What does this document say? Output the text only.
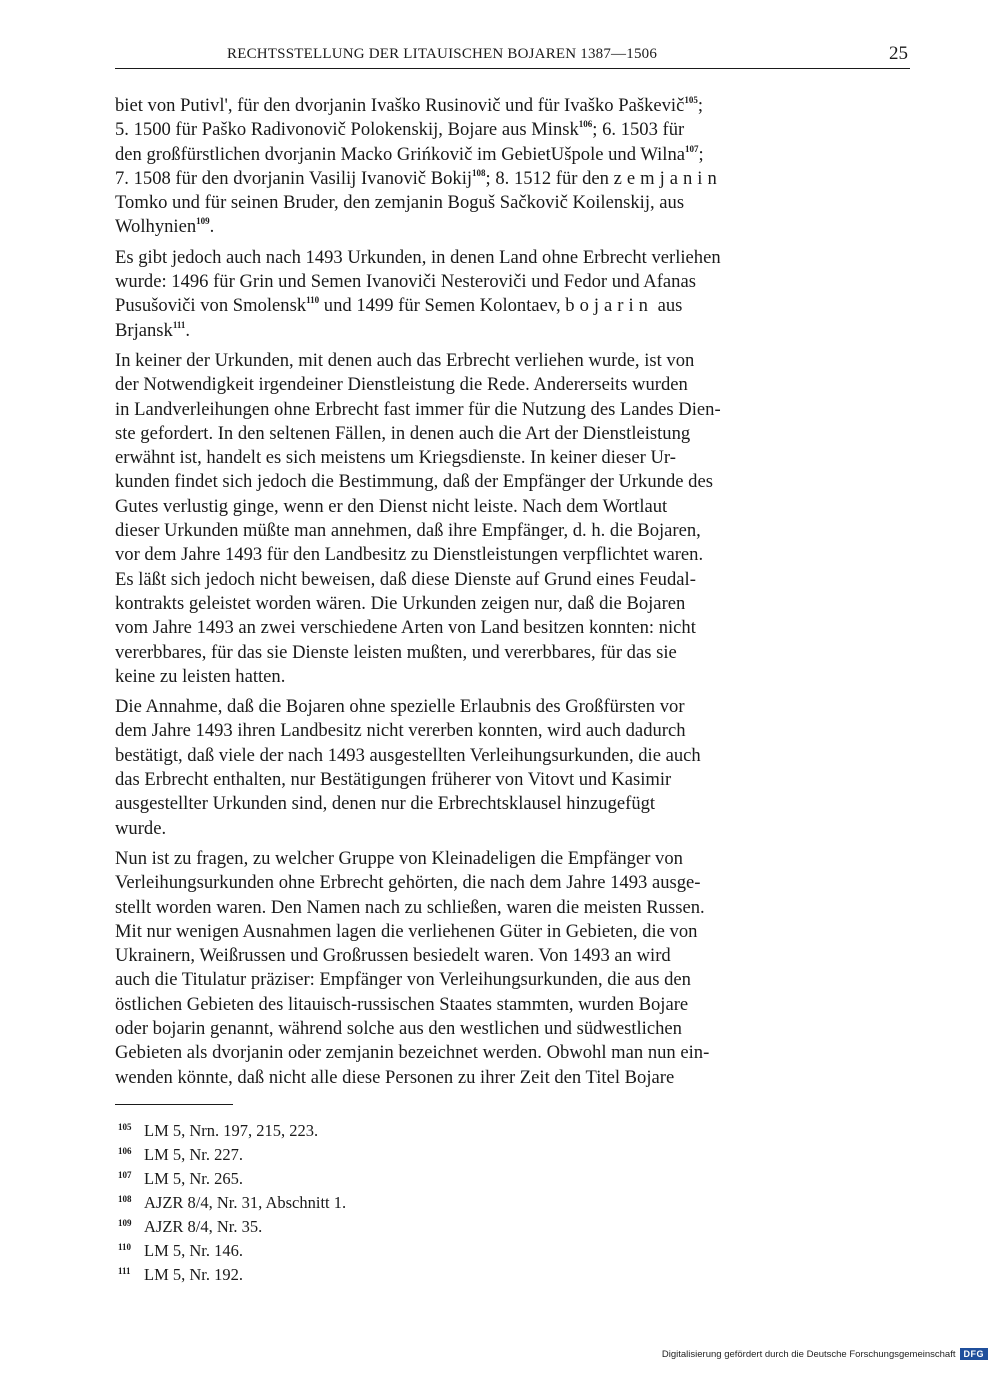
RECHTSSTELLUNG DER LITAUISCHEN BOJAREN 1387—1506	25

biet von Putivl', für den dvorjanin Ivaško Rusinovič und für Ivaško Paškevič$^{105}$;
5. 1500 für Paško Radivonovič Polokenskij, Bojare aus Minsk$^{106}$; 6. 1503 für
den großfürstlichen dvorjanin Macko Grińkovič im GebietUšpole und Wilna$^{107}$;
7. 1508 für den dvorjanin Vasilij Ivanovič Bokij$^{108}$; 8. 1512 für den zemjanin
Tomko und für seinen Bruder, den zemjanin Boguš Sačkovič Koilenskij, aus
Wolhynien$^{109}$.

Es gibt jedoch auch nach 1493 Urkunden, in denen Land ohne Erbrecht verliehen
wurde: 1496 für Grin und Semen Ivanoviči Nesteroviči und Fedor und Afanas
Pusušoviči von Smolensk$^{110}$ und 1499 für Semen Kolontaev, bojarin aus
Brjansk$^{111}$.

In keiner der Urkunden, mit denen auch das Erbrecht verliehen wurde, ist von
der Notwendigkeit irgendeiner Dienstleistung die Rede. Andererseits wurden
in Landverleihungen ohne Erbrecht fast immer für die Nutzung des Landes Dien-
ste gefordert. In den seltenen Fällen, in denen auch die Art der Dienstleistung
erwähnt ist, handelt es sich meistens um Kriegsdienste. In keiner dieser Ur-
kunden findet sich jedoch die Bestimmung, daß der Empfänger der Urkunde des
Gutes verlustig ginge, wenn er den Dienst nicht leiste. Nach dem Wortlaut
dieser Urkunden müßte man annehmen, daß ihre Empfänger, d. h. die Bojaren,
vor dem Jahre 1493 für den Landbesitz zu Dienstleistungen verpflichtet waren.
Es läßt sich jedoch nicht beweisen, daß diese Dienste auf Grund eines Feudal-
kontrakts geleistet worden wären. Die Urkunden zeigen nur, daß die Bojaren
vom Jahre 1493 an zwei verschiedene Arten von Land besitzen konnten: nicht
vererbbares, für das sie Dienste leisten mußten, und vererbbares, für das sie
keine zu leisten hatten.

Die Annahme, daß die Bojaren ohne spezielle Erlaubnis des Großfürsten vor
dem Jahre 1493 ihren Landbesitz nicht vererben konnten, wird auch dadurch
bestätigt, daß viele der nach 1493 ausgestellten Verleihungsurkunden, die auch
das Erbrecht enthalten, nur Bestätigungen früherer von Vitovt und Kasimir
ausgestellter Urkunden sind, denen nur die Erbrechtsklausel hinzugefügt
wurde.

Nun ist zu fragen, zu welcher Gruppe von Kleinadeligen die Empfänger von
Verleihungsurkunden ohne Erbrecht gehörten, die nach dem Jahre 1493 ausge-
stellt worden waren. Den Namen nach zu schließen, waren die meisten Russen.
Mit nur wenigen Ausnahmen lagen die verliehenen Güter in Gebieten, die von
Ukrainern, Weißrussen und Großrussen besiedelt waren. Von 1493 an wird
auch die Titulatur präziser: Empfänger von Verleihungsurkunden, die aus den
östlichen Gebieten des litauisch-russischen Staates stammten, wurden Bojare
oder bojarin genannt, während solche aus den westlichen und südwestlichen
Gebieten als dvorjanin oder zemjanin bezeichnet werden. Obwohl man nun ein-
wenden könnte, daß nicht alle diese Personen zu ihrer Zeit den Titel Bojare

105 LM 5, Nrn. 197, 215, 223.
106 LM 5, Nr. 227.
107 LM 5, Nr. 265.
108 AJZR 8/4, Nr. 31, Abschnitt 1.
109 AJZR 8/4, Nr. 35.
110 LM 5, Nr. 146.
111 LM 5, Nr. 192.
Digitalisierung gefördert durch die Deutsche Forschungsgemeinschaft DFG
